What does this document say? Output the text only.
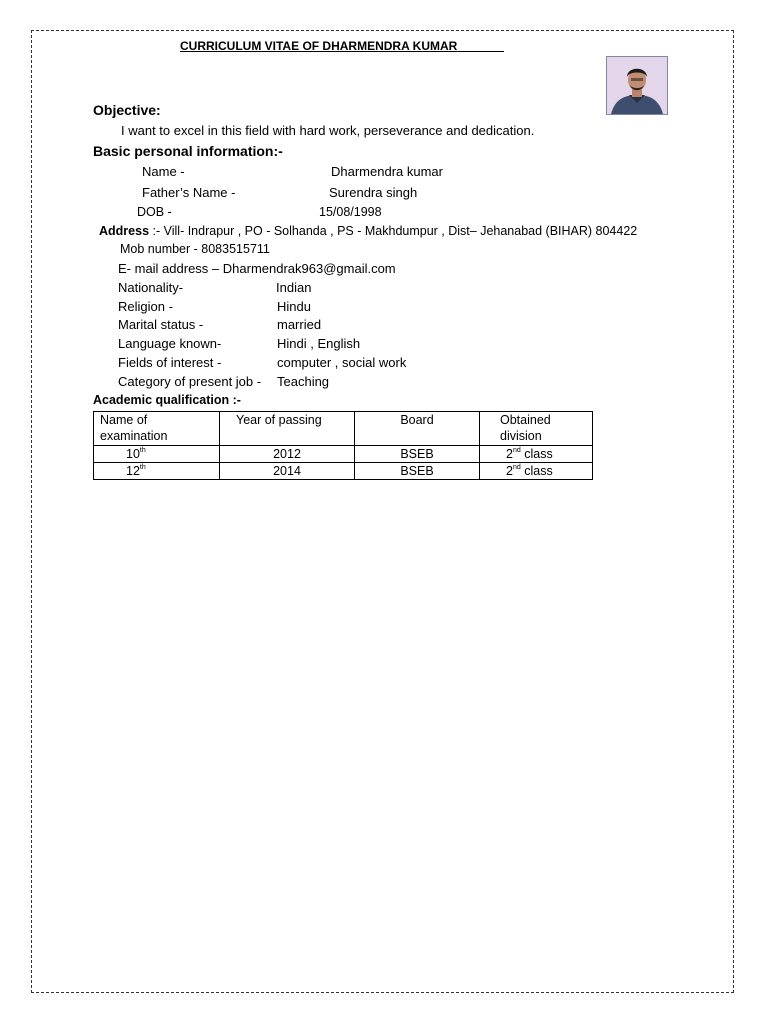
CURRICULUM VITAE OF DHARMENDRA KUMAR
Objective:
I want to excel in this field with hard work, perseverance and dedication.
Basic personal information:-
Name -	Dharmendra kumar
Father’s Name -	Surendra singh
DOB -	15/08/1998
Address :- Vill- Indrapur , PO - Solhanda , PS - Makhdumpur , Dist– Jehanabad (BIHAR) 804422
Mob number - 8083515711
E- mail address – Dharmendrak963@gmail.com
Nationality-	Indian
Religion -	Hindu
Marital status -	married
Language known-	Hindi , English
Fields of interest -	computer , social work
Category of present job - Teaching
Academic qualification :-
Name of examination	Year of passing	Board	Obtained division
10th	2012	BSEB	2nd class
12th	2014	BSEB	2nd class
